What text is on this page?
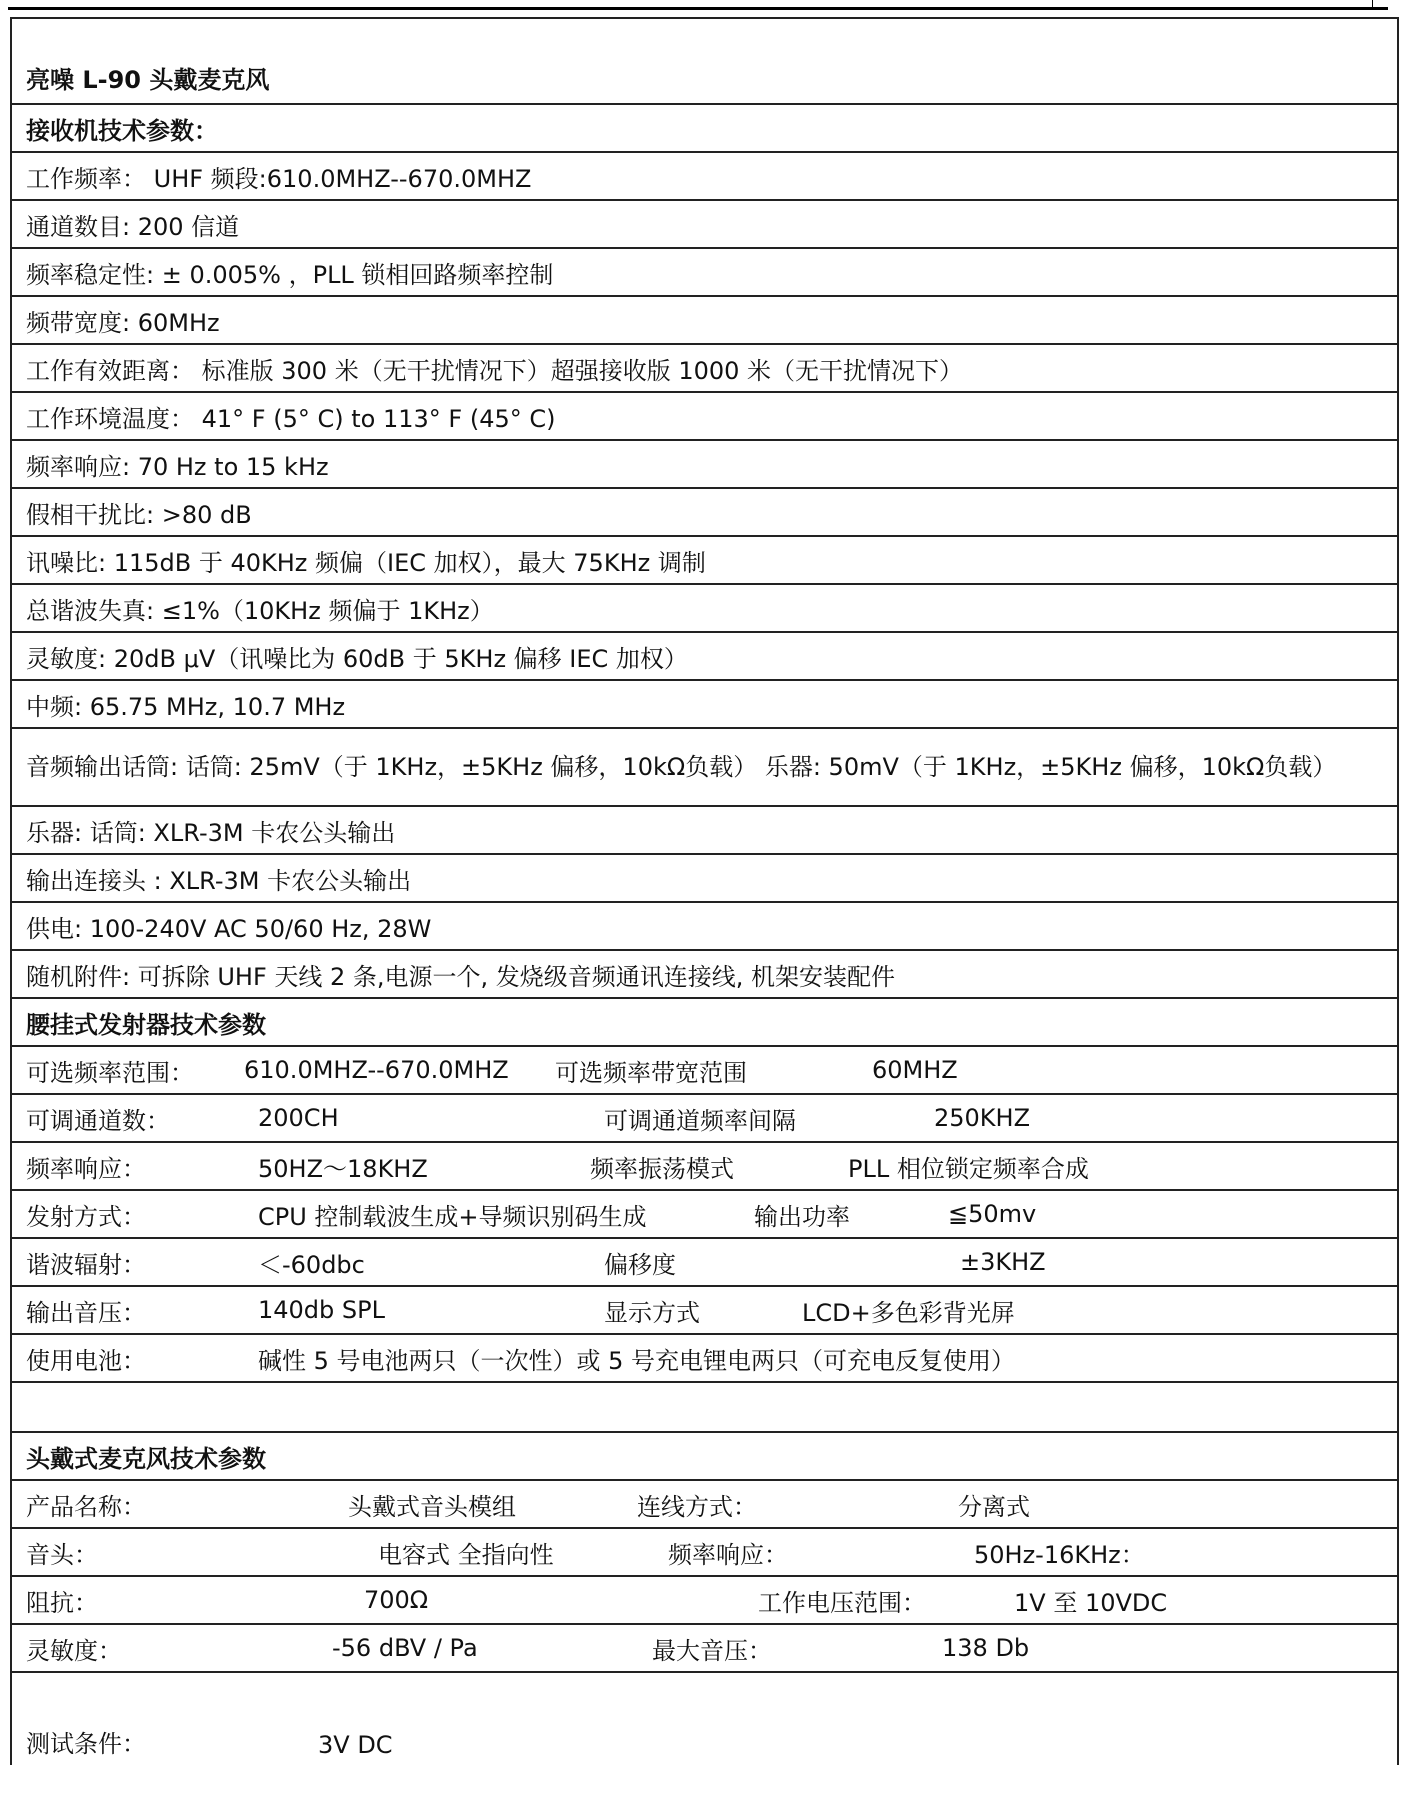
亮噪 L-90 头戴麦克风
接收机技术参数：
工作频率： UHF 频段:610.0MHZ--670.0MHZ
通道数目: 200 信道
频率稳定性: ± 0.005% ，PLL 锁相回路频率控制
频带宽度: 60MHz
工作有效距离： 标准版 300 米（无干扰情况下）超强接收版 1000 米（无干扰情况下）
工作环境温度： 41° F (5° C) to 113° F (45° C)
频率响应: 70 Hz to 15 kHz
假相干扰比: >80 dB
讯噪比: 115dB 于 40KHz 频偏（IEC 加权），最大 75KHz 调制
总谐波失真: ≤1%（10KHz 频偏于 1KHz）
灵敏度: 20dB μV（讯噪比为 60dB 于 5KHz 偏移 IEC 加权）
中频: 65.75 MHz, 10.7 MHz
音频输出话筒: 话筒: 25mV（于 1KHz，±5KHz 偏移，10kΩ负载） 乐器: 50mV（于 1KHz，±5KHz 偏移，10kΩ负载）
乐器: 话筒: XLR-3M 卡农公头输出
输出连接头 : XLR-3M 卡农公头输出
供电: 100-240V AC 50/60 Hz, 28W
随机附件: 可拆除 UHF 天线 2 条,电源一个, 发烧级音频通讯连接线, 机架安装配件
腰挂式发射器技术参数
可选频率范围： 610.0MHZ--670.0MHZ 可选频率带宽范围	60MHZ
可调通道数：	200CH	可调通道频率间隔	250KHZ
频率响应：	50HZ～18KHZ	频率振荡模式	PLL 相位锁定频率合成
发射方式：	CPU 控制载波生成+导频识别码生成	输出功率	≦50mv
谐波辐射：	＜-60dbc	偏移度	±3KHZ
输出音压：	140db SPL	显示方式	LCD+多色彩背光屏
使用电池：	碱性 5 号电池两只（一次性）或 5 号充电锂电两只（可充电反复使用）
头戴式麦克风技术参数
产品名称：	头戴式音头模组	连线方式：	分离式
音头：	电容式 全指向性	频率响应：	50Hz-16KHz：
阻抗：	700Ω	工作电压范围：	1V 至 10VDC
灵敏度：	-56 dBV / Pa	最大音压：	138 Db
测试条件：	3V DC
